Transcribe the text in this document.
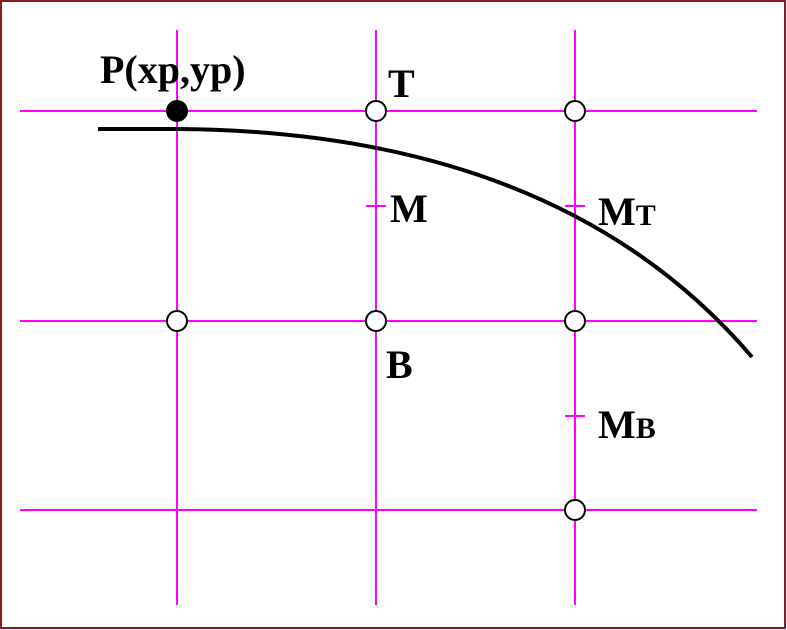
P(xp,yp)	T
M
B
MT
MB
